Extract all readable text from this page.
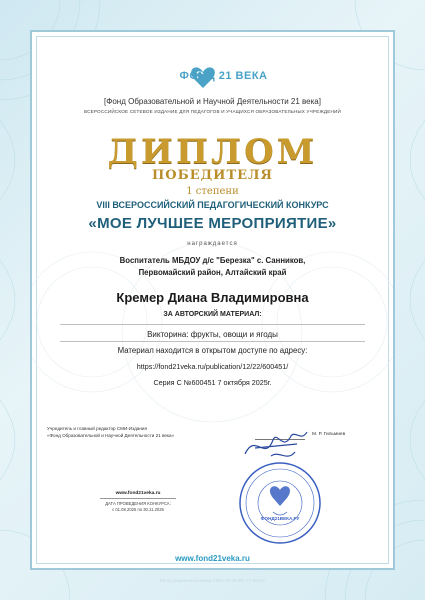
ФОНД 21 ВЕКА
[Фонд Образовательной и Научной Деятельности 21 века]
ВСЕРОССИЙСКОЕ СЕТЕВОЕ ИЗДАНИЕ ДЛЯ ПЕДАГОГОВ И УЧАЩИХСЯ ОБРАЗОВАТЕЛЬНЫХ УЧРЕЖДЕНИЙ
ДИПЛОМ
ПОБЕДИТЕЛЯ
1 степени
VIII ВСЕРОССИЙСКИЙ ПЕДАГОГИЧЕСКИЙ КОНКУРС
«МОЕ ЛУЧШЕЕ МЕРОПРИЯТИЕ»
награждается
Воспитатель МБДОУ д/с "Березка" с. Санников,
Первомайский район, Алтайский край
Кремер Диана Владимировна
ЗА АВТОРСКИЙ МАТЕРИАЛ:
Викторина: фрукты, овощи и ягоды
Материал находится в открытом доступе по адресу:
https://fond21veka.ru/publication/12/22/600451/
Серия С №600451 7 октября 2025г.
Учредитель и главный редактор СМИ-Издания
«Фонд Образовательной и Научной Деятельности 21 века»	М. Р. Гильмиев
ФОНД21ВЕКА.РУ
www.fond21veka.ru
ДАТА ПРОВЕДЕНИЯ КОНКУРСА:
с 01.08.2025 по 30.11.2025
www.fond21veka.ru
Регистрационный номер СМИ: Эл № ФС 77-80437
